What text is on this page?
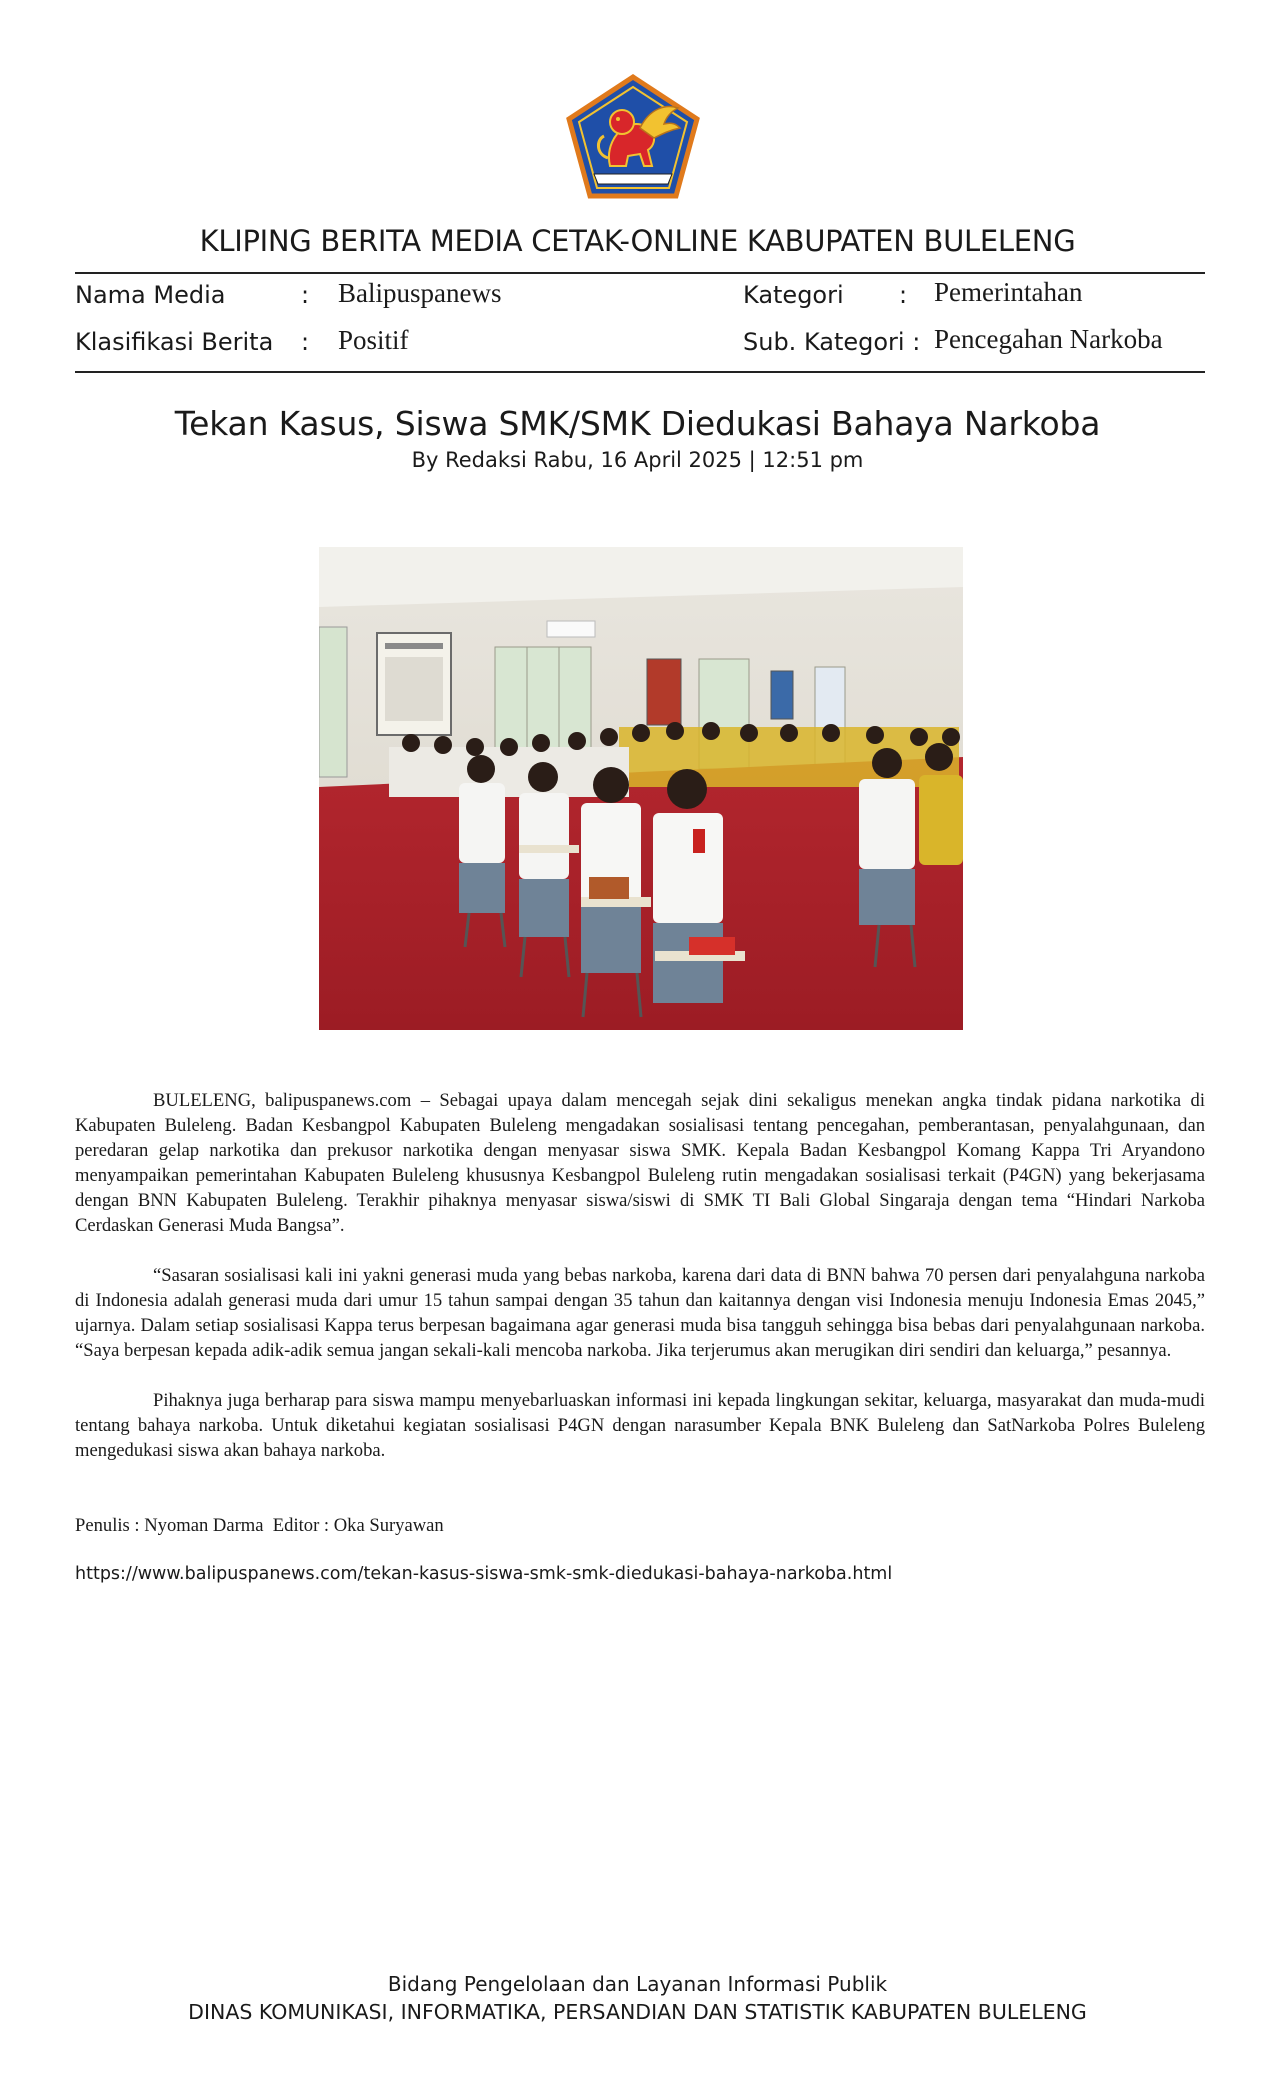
KLIPING BERITA MEDIA CETAK-ONLINE KABUPATEN BULELENG
Nama Media	: Balipuspanews	Kategori : Pemerintahan
Klasifikasi Berita : Positif	Sub. Kategori : Pencegahan Narkoba
Tekan Kasus, Siswa SMK/SMK Diedukasi Bahaya Narkoba
By Redaksi Rabu, 16 April 2025 | 12:51 pm

BULELENG, balipuspanews.com – Sebagai upaya dalam mencegah sejak dini sekaligus menekan angka tindak pidana narkotika di Kabupaten Buleleng. Badan Kesbangpol Kabupaten Buleleng mengadakan sosialisasi tentang pencegahan, pemberantasan, penyalahgunaan, dan peredaran gelap narkotika dan prekusor narkotika dengan menyasar siswa SMK. Kepala Badan Kesbangpol Komang Kappa Tri Aryandono menyampaikan pemerintahan Kabupaten Buleleng khususnya Kesbangpol Buleleng rutin mengadakan sosialisasi terkait (P4GN) yang bekerjasama dengan BNN Kabupaten Buleleng. Terakhir pihaknya menyasar siswa/siswi di SMK TI Bali Global Singaraja dengan tema “Hindari Narkoba Cerdaskan Generasi Muda Bangsa”.

“Sasaran sosialisasi kali ini yakni generasi muda yang bebas narkoba, karena dari data di BNN bahwa 70 persen dari penyalahguna narkoba di Indonesia adalah generasi muda dari umur 15 tahun sampai dengan 35 tahun dan kaitannya dengan visi Indonesia menuju Indonesia Emas 2045,” ujarnya. Dalam setiap sosialisasi Kappa terus berpesan bagaimana agar generasi muda bisa tangguh sehingga bisa bebas dari penyalahgunaan narkoba. “Saya berpesan kepada adik-adik semua jangan sekali-kali mencoba narkoba. Jika terjerumus akan merugikan diri sendiri dan keluarga,” pesannya.

Pihaknya juga berharap para siswa mampu menyebarluaskan informasi ini kepada lingkungan sekitar, keluarga, masyarakat dan muda-mudi tentang bahaya narkoba. Untuk diketahui kegiatan sosialisasi P4GN dengan narasumber Kepala BNK Buleleng dan SatNarkoba Polres Buleleng mengedukasi siswa akan bahaya narkoba.

Penulis : Nyoman Darma  Editor : Oka Suryawan
https://www.balipuspanews.com/tekan-kasus-siswa-smk-smk-diedukasi-bahaya-narkoba.html
Bidang Pengelolaan dan Layanan Informasi Publik
DINAS KOMUNIKASI, INFORMATIKA, PERSANDIAN DAN STATISTIK KABUPATEN BULELENG
